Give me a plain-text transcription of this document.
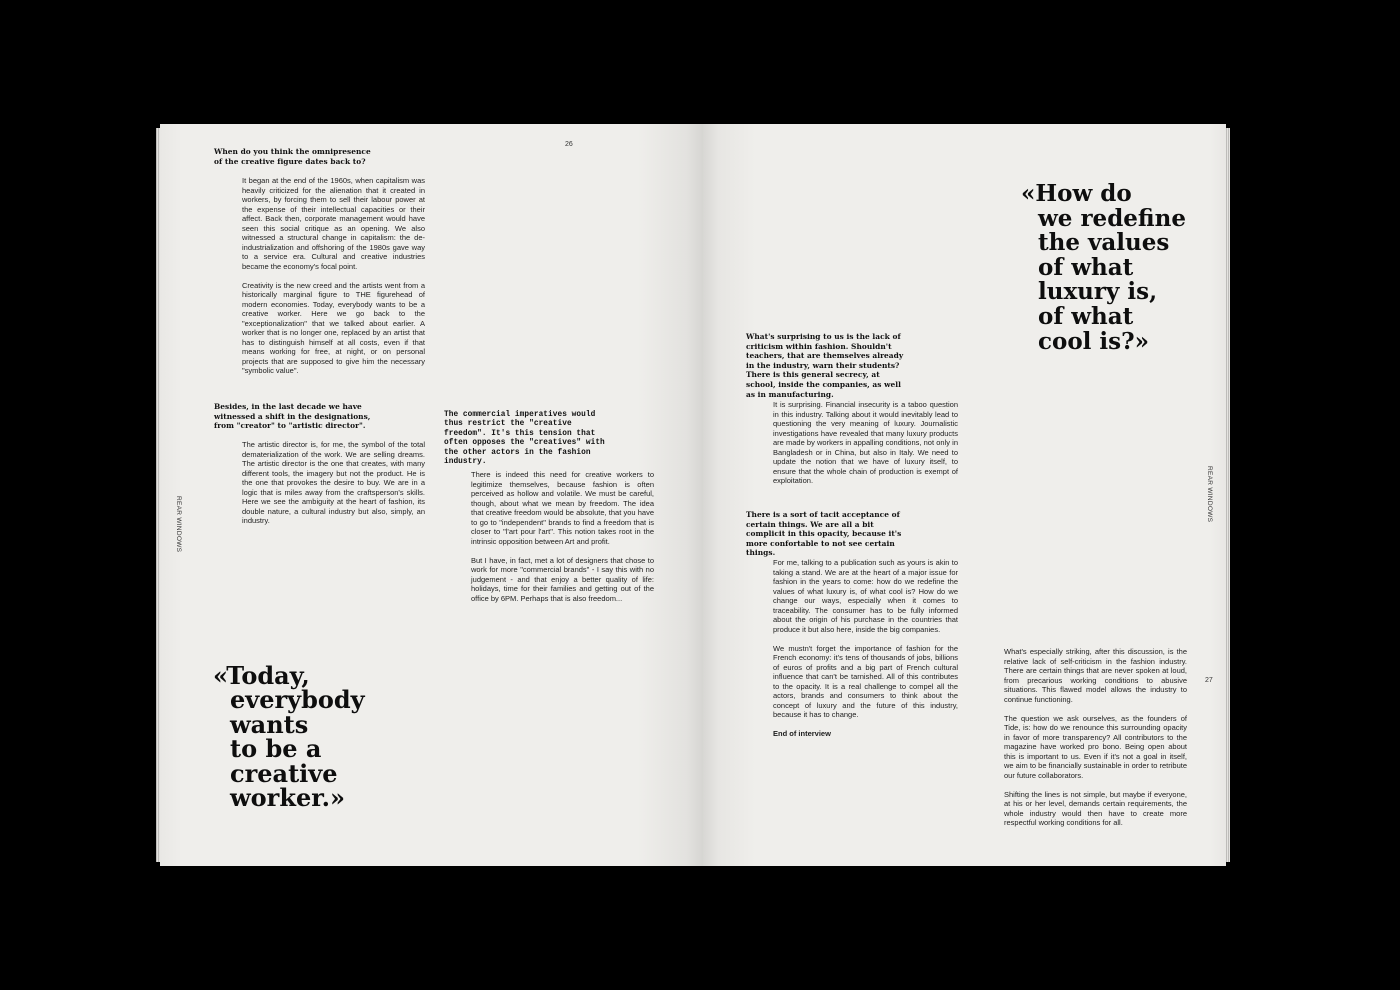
26
REAR WINDOWS

When do you think the omnipresence of the creative figure dates back to?

It began at the end of the 1960s, when capitalism was heavily criticized for the alienation that it created in workers, by forcing them to sell their labour power at the expense of their intellectual capacities or their affect. Back then, corporate management would have seen this social critique as an opening. We also witnessed a structural change in capitalism: the de-industrialization and offshoring of the 1980s gave way to a service era. Cultural and creative industries became the economy's focal point.

Creativity is the new creed and the artists went from a historically marginal figure to THE figurehead of modern economies. Today, everybody wants to be a creative worker. Here we go back to the "exceptionalization" that we talked about earlier. A worker that is no longer one, replaced by an artist that has to distinguish himself at all costs, even if that means working for free, at night, or on personal projects that are supposed to give him the necessary "symbolic value".

Besides, in the last decade we have witnessed a shift in the designations, from "creator" to "artistic director".

The artistic director is, for me, the symbol of the total dematerialization of the work. We are selling dreams. The artistic director is the one that creates, with many different tools, the imagery but not the product. He is the one that provokes the desire to buy. We are in a logic that is miles away from the craftsperson's skills. Here we see the ambiguity at the heart of fashion, its double nature, a cultural industry but also, simply, an industry.

The commercial imperatives would thus restrict the "creative freedom". It's this tension that often opposes the "creatives" with the other actors in the fashion industry.

There is indeed this need for creative workers to legitimize themselves, because fashion is often perceived as hollow and volatile. We must be careful, though, about what we mean by freedom. The idea that creative freedom would be absolute, that you have to go to "independent" brands to find a freedom that is closer to "l'art pour l'art". This notion takes root in the intrinsic opposition between Art and profit.

But I have, in fact, met a lot of designers that chose to work for more "commercial brands" - I say this with no judgement - and that enjoy a better quality of life: holidays, time for their families and getting out of the office by 6PM. Perhaps that is also freedom...

«Today,
everybody
wants
to be a
creative
worker.»
27
REAR WINDOWS
«How do
we redefine
the values
of what
luxury is,
of what
cool is?»

What's surprising to us is the lack of criticism within fashion. Shouldn't teachers, that are themselves already in the industry, warn their students? There is this general secrecy, at school, inside the companies, as well as in manufacturing.

It is surprising. Financial insecurity is a taboo question in this industry. Talking about it would inevitably lead to questioning the very meaning of luxury. Journalistic investigations have revealed that many luxury products are made by workers in appalling conditions, not only in Bangladesh or in China, but also in Italy. We need to update the notion that we have of luxury itself, to ensure that the whole chain of production is exempt of exploitation.

There is a sort of tacit acceptance of certain things. We are all a bit complicit in this opacity, because it's more confortable to not see certain things.

For me, talking to a publication such as yours is akin to taking a stand. We are at the heart of a major issue for fashion in the years to come: how do we redefine the values of what luxury is, of what cool is? How do we change our ways, especially when it comes to traceability. The consumer has to be fully informed about the origin of his purchase in the countries that produce it but also here, inside the big companies.

We mustn't forget the importance of fashion for the French economy: it's tens of thousands of jobs, billions of euros of profits and a big part of French cultural influence that can't be tarnished. All of this contributes to the opacity. It is a real challenge to compel all the actors, brands and consumers to think about the concept of luxury and the future of this industry, because it has to change.

End of interview

What's especially striking, after this discussion, is the relative lack of self-criticism in the fashion industry. There are certain things that are never spoken at loud, from precarious working conditions to abusive situations. This flawed model allows the industry to continue functioning.

The question we ask ourselves, as the founders of Tide, is: how do we renounce this surrounding opacity in favor of more transparency? All contributors to the magazine have worked pro bono. Being open about this is important to us. Even if it's not a goal in itself, we aim to be financially sustainable in order to retribute our future collaborators.

Shifting the lines is not simple, but maybe if everyone, at his or her level, demands certain requirements, the whole industry would then have to create more respectful working conditions for all.
